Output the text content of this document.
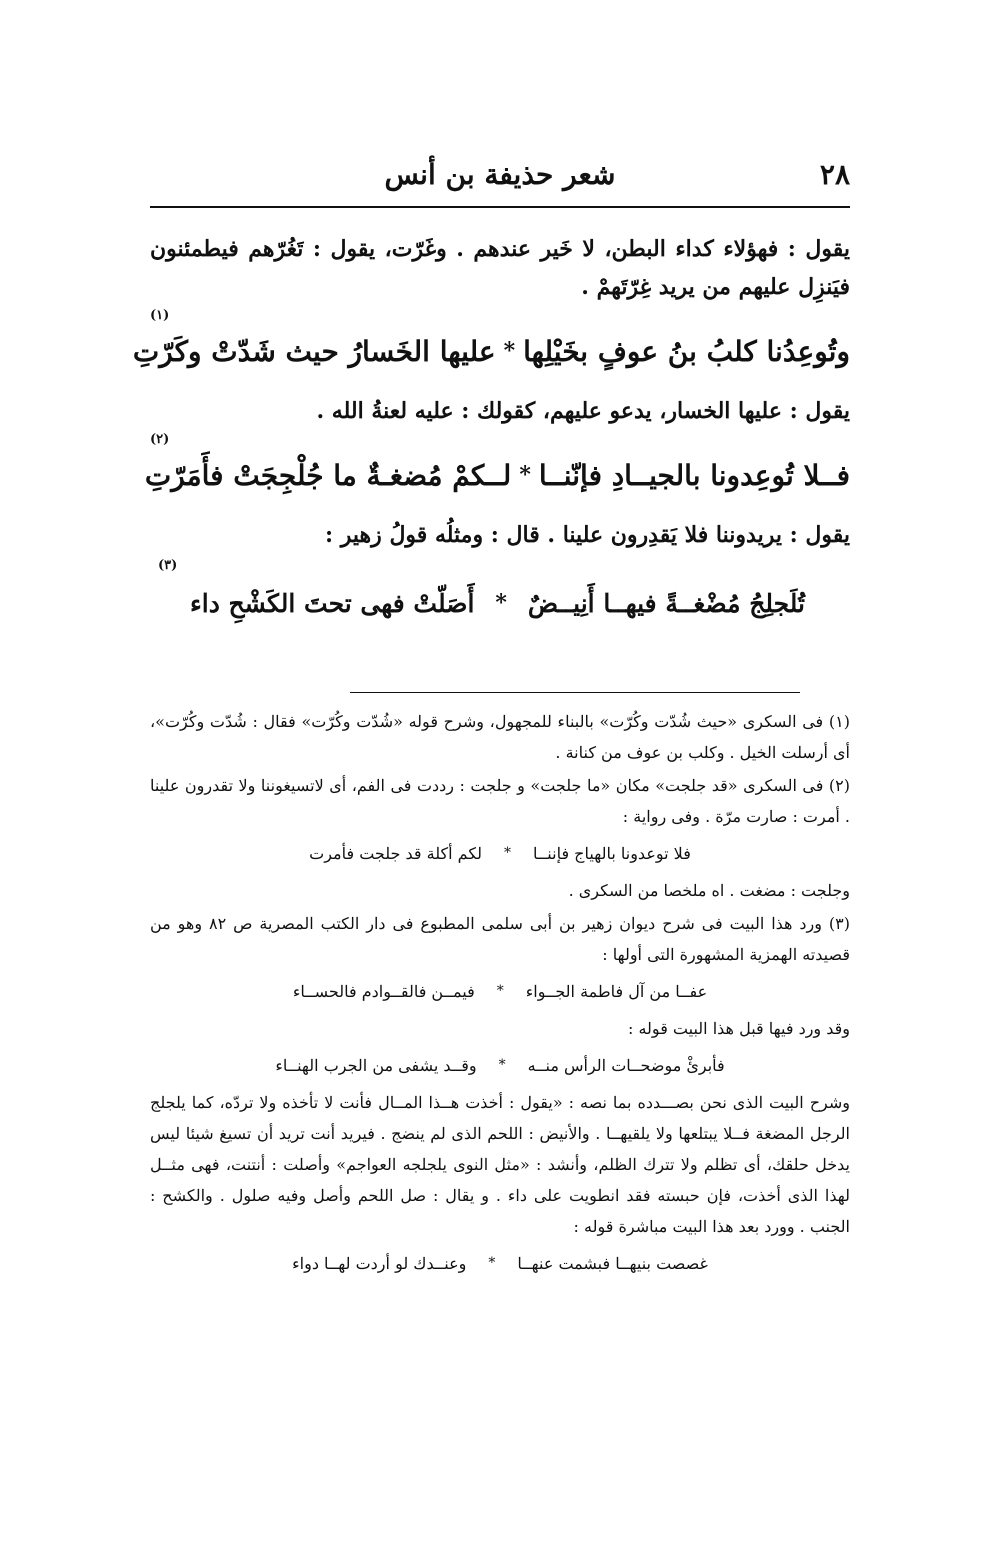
٢٨
شعر حذيفة بن أنس

يقول : فهؤلاء كداء البطن، لا خَير عندهم . وغَرّت، يقول : تَغُرّهم فيطمئنون فيَنزِل عليهم من يريد غِرّتَهمْ .

وتُوعِدُنا كلبُ بنُ عوفٍ بخَيْلِها
*
عليها الخَسارُ حيث شَدّتْ وكَرّتِ
(١)

يقول : عليها الخسار، يدعو عليهم، كقولك : عليه لعنةُ الله .

فــلا تُوعِدونا بالجيــادِ فإنّنــا
*
لــكمْ مُضغـةٌ ما جُلْجِجَتْ فأَمَرّتِ
(٢)

يقول : يريدوننا فلا يَقدِرون علينا . قال : ومثلُه قولُ زهير :

تُلَجلِجُ مُضْغــةً فيهــا أَنِيــضٌ
*
أَصَلّتْ فهى تحتَ الكَشْحِ داء
(٣)

(١) فى السكرى «حيث شُدّت وكُرّت» بالبناء للمجهول، وشرح قوله «شُدّت وكُرّت» فقال : شُدّت وكُرّت»، أى أرسلت الخيل . وكلب بن عوف من كنانة .

(٢) فى السكرى «قد جلجت» مكان «ما جلجت» و جلجت : رددت فى الفم، أى لاتسيغوننا ولا تقدرون علينا . أمرت : صارت مرّة . وفى رواية :

فلا توعدونا بالهياج فإننــا
*
لكم أكلة قد جلجت فأمرت

وجلجت : مضغت . اه ملخصا من السكرى .

(٣) ورد هذا البيت فى شرح ديوان زهير بن أبى سلمى المطبوع فى دار الكتب المصرية ص ٨٢ وهو من قصيدته الهمزية المشهورة التى أولها :

عفــا من آل فاطمة الجــواء
*
فيمــن فالقــوادم فالحســاء

وقد ورد فيها قبل هذا البيت قوله :

فأبرئْ موضحــات الرأس منــه
*
وقــد يشفى من الجرب الهنــاء

وشرح البيت الذى نحن بصـــدده بما نصه : «يقول : أخذت هــذا المــال فأنت لا تأخذه ولا تردّه، كما يلجلج الرجل المضغة فــلا يبتلعها ولا يلقيهــا . والأنيض : اللحم الذى لم ينضج . فيريد أنت تريد أن تسيغ شيئا ليس يدخل حلقك، أى تظلم ولا تترك الظلم، وأنشد : «مثل النوى يلجلجه العواجم» وأصلت : أنتنت، فهى مثــل لهذا الذى أخذت، فإن حبسته فقد انطويت على داء . و يقال : صل اللحم وأصل وفيه صلول . والكشح : الجنب . وورد بعد هذا البيت مباشرة قوله :

غصصت بنيهــا فبشمت عنهــا
*
وعنــدك لو أردت لهــا دواء
